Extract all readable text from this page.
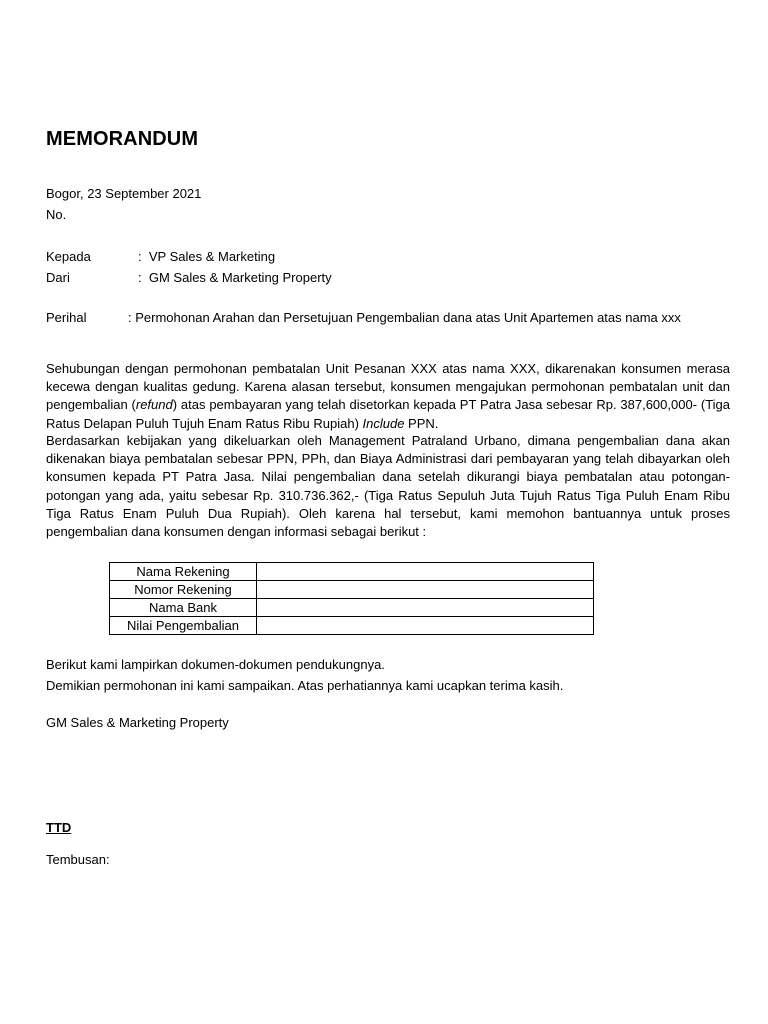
MEMORANDUM
Bogor, 23 September 2021
No.
Kepada	: VP Sales & Marketing
Dari	: GM Sales & Marketing Property
Perihal	: Permohonan Arahan dan Persetujuan Pengembalian dana atas Unit Apartemen atas nama xxx

Sehubungan dengan permohonan pembatalan Unit Pesanan XXX atas nama XXX, dikarenakan konsumen merasa kecewa dengan kualitas gedung. Karena alasan tersebut, konsumen mengajukan permohonan pembatalan unit dan pengembalian (refund) atas pembayaran yang telah disetorkan kepada PT Patra Jasa sebesar Rp. 387,600,000- (Tiga Ratus Delapan Puluh Tujuh Enam Ratus Ribu Rupiah) Include PPN.

Berdasarkan kebijakan yang dikeluarkan oleh Management Patraland Urbano, dimana pengembalian dana akan dikenakan biaya pembatalan sebesar PPN, PPh, dan Biaya Administrasi dari pembayaran yang telah dibayarkan oleh konsumen kepada PT Patra Jasa. Nilai pengembalian dana setelah dikurangi biaya pembatalan atau potongan-potongan yang ada, yaitu sebesar Rp. 310.736.362,- (Tiga Ratus Sepuluh Juta Tujuh Ratus Tiga Puluh Enam Ribu Tiga Ratus Enam Puluh Dua Rupiah). Oleh karena hal tersebut, kami memohon bantuannya untuk proses pengembalian dana konsumen dengan informasi sebagai berikut :

Nama Rekening	
Nomor Rekening	
Nama Bank	
Nilai Pengembalian	
Berikut kami lampirkan dokumen-dokumen pendukungnya.
Demikian permohonan ini kami sampaikan. Atas perhatiannya kami ucapkan terima kasih.
GM Sales & Marketing Property
TTD
Tembusan:
